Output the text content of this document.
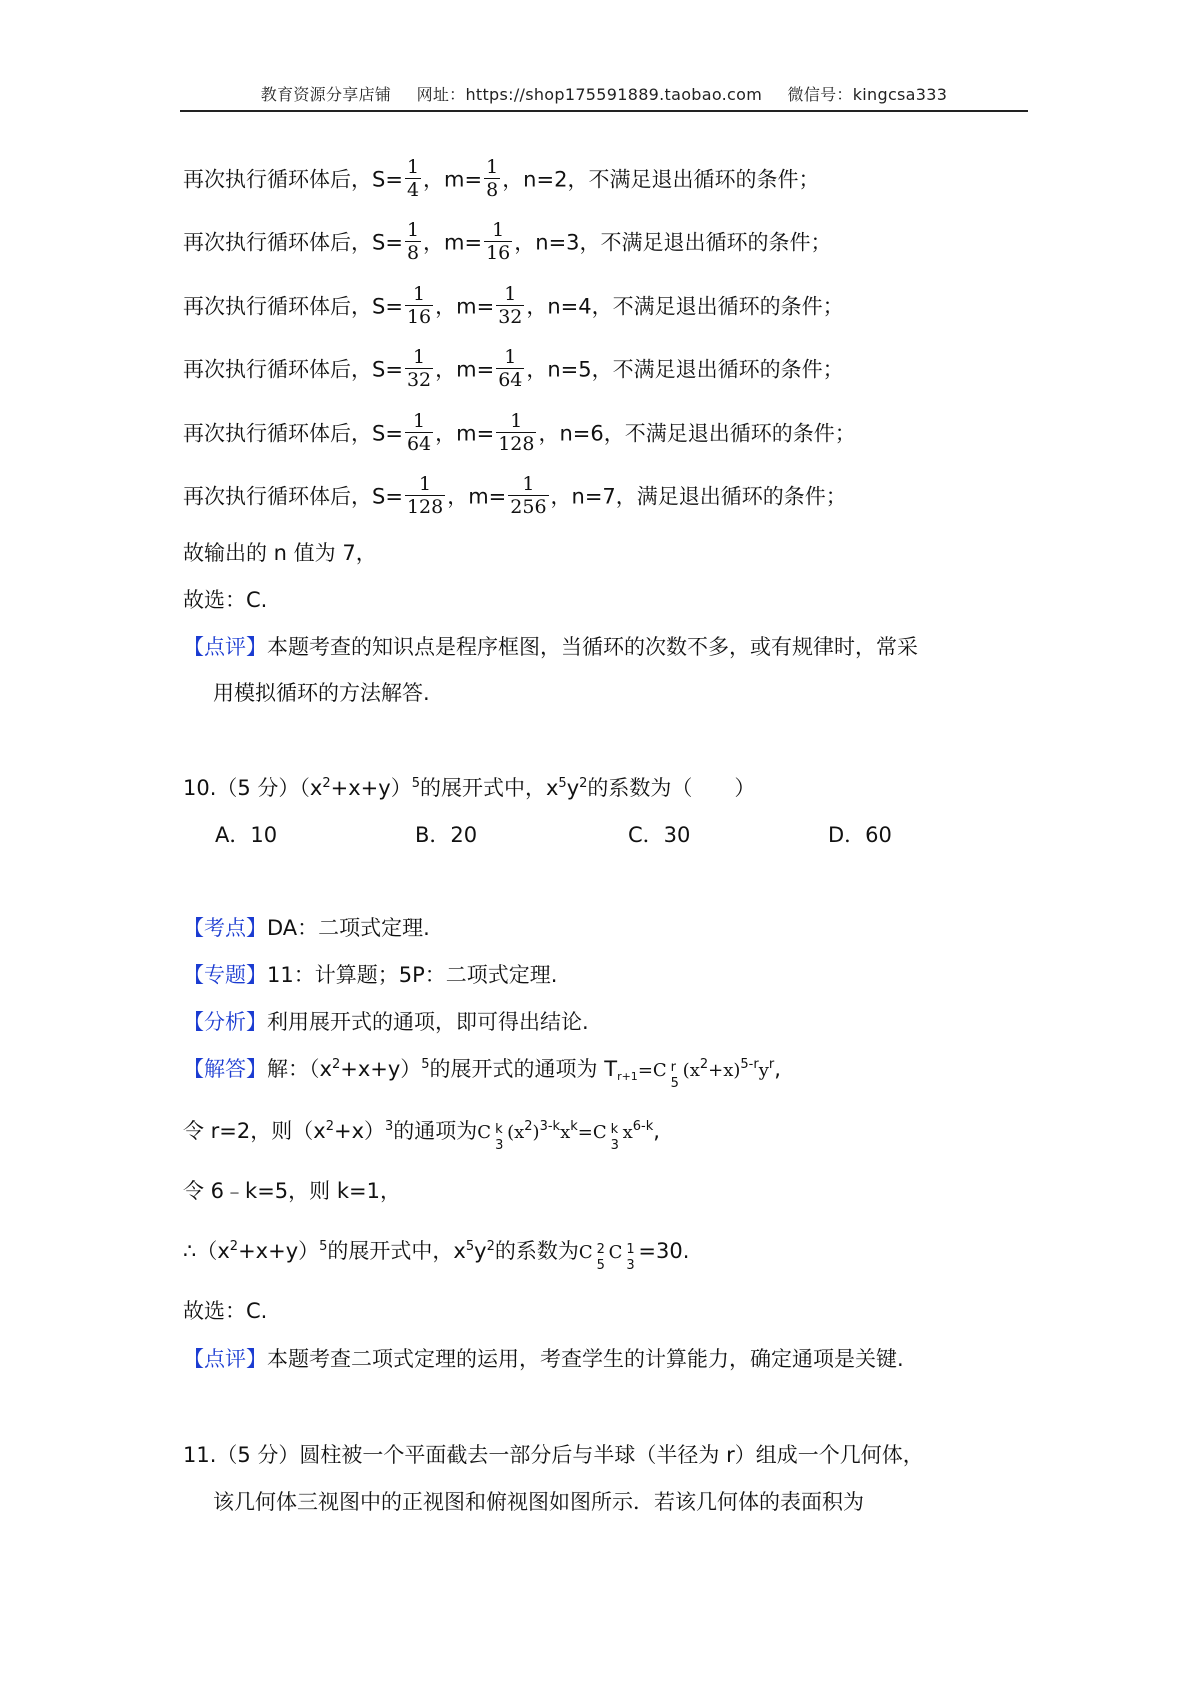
教育资源分享店铺 网址：https://shop175591889.taobao.com 微信号：kingcsa333
再次执行循环体后，$S= \frac{1}{4}$ ，$m= \frac{1}{8}$ ，n=2，不满足退出循环的条件；
再次执行循环体后，$S= \frac{1}{8}$ ，$m= \frac{1}{16}$ ，n=3，不满足退出循环的条件；
再次执行循环体后，$S= \frac{1}{16}$ ，$m= \frac{1}{32}$ ，n=4，不满足退出循环的条件；
再次执行循环体后，$S= \frac{1}{32}$ ，$m= \frac{1}{64}$ ，n=5，不满足退出循环的条件；
再次执行循环体后，$S= \frac{1}{64}$ ，$m= \frac{1}{128}$ ，n=6，不满足退出循环的条件；
再次执行循环体后，$S= \frac{1}{128}$ ，$m= \frac{1}{256}$ ，n=7，满足退出循环的条件；
故输出的 n 值为 7，
故选：C.
【点评】本题考查的知识点是程序框图，当循环的次数不多，或有规律时，常采
用模拟循环的方法解答.
10.（5 分）$(x^2+x+y)^5$的展开式中，$x^5y^2$的系数为（　　）
A．10	B．20	C．30	D．60
【考点】DA：二项式定理.
【专题】11：计算题；5P：二项式定理.
【分析】利用展开式的通项，即可得出结论.
【解答】解：$(x^2+x+y)^5$的展开式的通项为 Tr+1=C r
5
$(x^2+x)^{5-r}y^r$,
令 r=2，则$(x^2+x)^3$的通项为C k
3
$(x^2)^{3-k}x^k=C$ k
3
$x^{6-k}$,
令 6﹣k=5，则 k=1，
$\therefore(x^2+x+y)^5$的展开式中，$x^5y^2$的系数为C 2
5
C 1
3
=30.
故选：C.
【点评】本题考查二项式定理的运用，考查学生的计算能力，确定通项是关键.
11.（5 分）圆柱被一个平面截去一部分后与半球（半径为 r）组成一个几何体，
该几何体三视图中的正视图和俯视图如图所示．若该几何体的表面积为
